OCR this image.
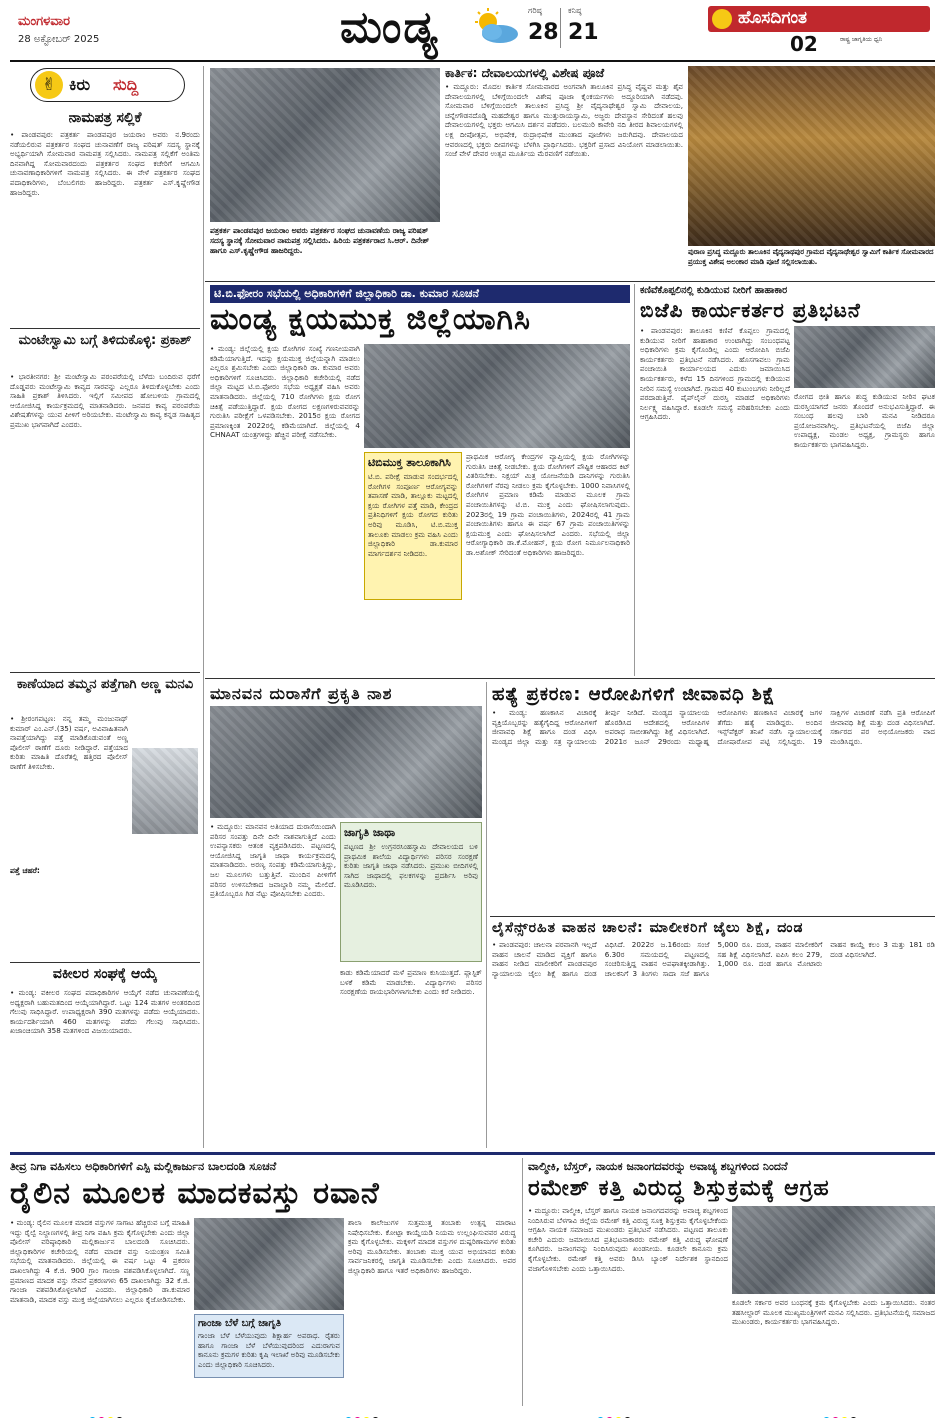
ಮಂಗಳವಾರ
28 ಅಕ್ಟೋಬರ್ 2025	ಮಂಡ್ಯ	ಗರಿಷ್ಠ
28
ಕನಿಷ್ಠ
21
ಹೊಸದಿಗಂತ
ರಾಷ್ಟ್ರ ಜಾಗೃತಿಯ ಧ್ವನಿ
02
✌ ಕಿರು ಸುದ್ದಿ
ನಾಮಪತ್ರ ಸಲ್ಲಿಕೆ
• ಪಾಂಡವಪುರ: ಪತ್ರಕರ್ತ ಪಾಂಡವಪುರ ಜಯರಾಂ ಅವರು ನ.9ರಂದು ನಡೆಯಲಿರುವ ಪತ್ರಕರ್ತರ ಸಂಘದ ಚುನಾವಣೆಗೆ ರಾಜ್ಯ ಪರಿಷತ್ ಸದಸ್ಯ ಸ್ಥಾನಕ್ಕೆ ಅಭ್ಯರ್ಥಿಯಾಗಿ ಸೋಮವಾರ ನಾಮಪತ್ರ ಸಲ್ಲಿಸಿದರು. ನಾಮಪತ್ರ ಸಲ್ಲಿಕೆಗೆ ಅಂತಿಮ ದಿನವಾಗಿದ್ದ ಸೋಮವಾರದಂದು ಪತ್ರಕರ್ತರ ಸಂಘದ ಕಚೇರಿಗೆ ಆಗಮಿಸಿ ಚುನಾವಣಾಧಿಕಾರಿಗಳಿಗೆ ನಾಮಪತ್ರ ಸಲ್ಲಿಸಿದರು. ಈ ವೇಳೆ ಪತ್ರಕರ್ತರ ಸಂಘದ ಪದಾಧಿಕಾರಿಗಳು, ಬೆಂಬಲಿಗರು ಹಾಜರಿದ್ದರು. ಪತ್ರಕರ್ತ ಎಸ್.ಕೃಷ್ಣೇಗೌಡ ಹಾಜರಿದ್ದರು.
ಮಂಟೇಸ್ವಾಮಿ ಬಗ್ಗೆ ತಿಳಿದುಕೊಳ್ಳಿ: ಪ್ರಕಾಶ್
• ಭಾರತೀನಗರ: ಶ್ರೀ ಮಂಟೇಸ್ವಾಮಿ ಪರಂಪರೆಯಲ್ಲಿ ಬೆಳೆದು ಬಂದಿರುವ ಧರೆಗೆ ದೊಡ್ಡವರು ಮಂಟೇಸ್ವಾಮಿ ಕಾವ್ಯದ ಸಾರವನ್ನು ಎಲ್ಲರೂ ತಿಳಿದುಕೊಳ್ಳಬೇಕು ಎಂದು ಸಾಹಿತಿ ಪ್ರಕಾಶ್ ತಿಳಿಸಿದರು. ಇಲ್ಲಿಗೆ ಸಮೀಪದ ಹೋಬಳಿಯ ಗ್ರಾಮದಲ್ಲಿ ಆಯೋಜಿಸಿದ್ದ ಕಾರ್ಯಕ್ರಮದಲ್ಲಿ ಮಾತನಾಡಿದರು. ಜನಪದ ಕಾವ್ಯ ಪರಂಪರೆಯ ವಿಶೇಷತೆಗಳನ್ನು ಯುವ ಪೀಳಿಗೆ ಅರಿಯಬೇಕು. ಮಂಟೇಸ್ವಾಮಿ ಕಾವ್ಯ ಕನ್ನಡ ಸಾಹಿತ್ಯದ ಪ್ರಮುಖ ಭಾಗವಾಗಿದೆ ಎಂದರು.
ಕಾಣೆಯಾದ ತಮ್ಮನ ಪತ್ತೆಗಾಗಿ ಅಣ್ಣ ಮನವಿ
• ಶ್ರೀರಂಗಪಟ್ಟಣ: ನನ್ನ ತಮ್ಮ ಮಂಜುನಾಥ್ ಕುಮಾರ್ ಎಂ.ಎನ್.(35) ವರ್ಷ, ಅವಿವಾಹಿತನಾಗಿ ನಾಪತ್ತೆಯಾಗಿದ್ದು ಪತ್ತೆ ಮಾಡಿಕೊಡುವಂತೆ ಅಣ್ಣ ಪೊಲೀಸ್ ಠಾಣೆಗೆ ದೂರು ನೀಡಿದ್ದಾರೆ. ಪತ್ತೆಯಾದ ಕುರಿತು ಮಾಹಿತಿ ದೊರೆತಲ್ಲಿ ಹತ್ತಿರದ ಪೊಲೀಸ್ ಠಾಣೆಗೆ ತಿಳಿಸಬೇಕು.
ಪತ್ತೆ ಚಹರೆ:
ವಕೀಲರ ಸಂಘಕ್ಕೆ ಆಯ್ಕೆ
• ಮಂಡ್ಯ: ವಕೀಲರ ಸಂಘದ ಪದಾಧಿಕಾರಿಗಳ ಆಯ್ಕೆಗೆ ನಡೆದ ಚುನಾವಣೆಯಲ್ಲಿ ಅಧ್ಯಕ್ಷರಾಗಿ ಬಹುಮತದಿಂದ ಆಯ್ಕೆಯಾಗಿದ್ದಾರೆ. ಒಟ್ಟು 124 ಮತಗಳ ಅಂತರದಿಂದ ಗೆಲುವು ಸಾಧಿಸಿದ್ದಾರೆ. ಉಪಾಧ್ಯಕ್ಷರಾಗಿ 390 ಮತಗಳನ್ನು ಪಡೆದು ಆಯ್ಕೆಯಾದರು. ಕಾರ್ಯದರ್ಶಿಯಾಗಿ 460 ಮತಗಳನ್ನು ಪಡೆದು ಗೆಲುವು ಸಾಧಿಸಿದರು. ಖಜಾಂಚಿಯಾಗಿ 358 ಮತಗಳಿಂದ ವಿಜಯಿಯಾದರು.
ಪತ್ರಕರ್ತ ಪಾಂಡವಪುರ ಜಯರಾಂ ಅವರು ಪತ್ರಕರ್ತರ ಸಂಘದ ಚುನಾವಣೆಯ ರಾಜ್ಯ ಪರಿಷತ್ ಸದಸ್ಯ ಸ್ಥಾನಕ್ಕೆ ಸೋಮವಾರ ನಾಮಪತ್ರ ಸಲ್ಲಿಸಿದರು. ಹಿರಿಯ ಪತ್ರಕರ್ತರಾದ ಸಿ.ಆರ್. ದಿನೇಶ್ ಹಾಗೂ ಎಸ್.ಕೃಷ್ಣೇಗೌಡ ಹಾಜರಿದ್ದರು.
ಕಾರ್ತಿಕ: ದೇವಾಲಯಗಳಲ್ಲಿ ವಿಶೇಷ ಪೂಜೆ
• ಮದ್ದೂರು: ಮೊದಲ ಕಾರ್ತಿಕ ಸೋಮವಾರದ ಅಂಗವಾಗಿ ತಾಲೂಕಿನ ಪ್ರಸಿದ್ಧ ವೈಷ್ಣವ ಮತ್ತು ಶೈವ ದೇವಾಲಯಗಳಲ್ಲಿ ಬೆಳಿಗ್ಗೆಯಿಂದಲೇ ವಿಶೇಷ ಪೂಜಾ ಕೈಂಕರ್ಯಗಳು ಅದ್ಧೂರಿಯಾಗಿ ನಡೆದವು. ಸೋಮವಾರ ಬೆಳಿಗ್ಗೆಯಿಂದಲೇ ತಾಲೂಕಿನ ಪ್ರಸಿದ್ಧ ಶ್ರೀ ವೈದ್ಯನಾಥೇಶ್ವರ ಸ್ವಾಮಿ ದೇವಾಲಯ, ಚನ್ನೇಗೌಡನದೊಡ್ಡಿ ಮಹದೇಶ್ವರ ಹಾಗೂ ಮುತ್ತುರಾಯಸ್ವಾಮಿ, ಅಜ್ಜರು ದೇವಸ್ಥಾನ ಸೇರಿದಂತೆ ಹಲವು ದೇವಾಲಯಗಳಲ್ಲಿ ಭಕ್ತರು ಆಗಮಿಸಿ ದರ್ಶನ ಪಡೆದರು. ಬಲಮುರಿ ಕಾವೇರಿ ನದಿ ತೀರದ ಶಿವಾಲಯಗಳಲ್ಲಿ ಲಕ್ಷ ದೀಪೋತ್ಸವ, ಅಭಿಷೇಕ, ರುದ್ರಾಭಿಷೇಕ ಮುಂತಾದ ಪೂಜೆಗಳು ಜರುಗಿದವು. ದೇವಾಲಯದ ಆವರಣದಲ್ಲಿ ಭಕ್ತರು ದೀಪಗಳನ್ನು ಬೆಳಗಿಸಿ ಪ್ರಾರ್ಥಿಸಿದರು. ಭಕ್ತರಿಗೆ ಪ್ರಸಾದ ವಿನಿಯೋಗ ಮಾಡಲಾಯಿತು. ಸಂಜೆ ವೇಳೆ ದೇವರ ಉತ್ಸವ ಮೂರ್ತಿಯ ಮೆರವಣಿಗೆ ನಡೆಯಿತು.
ಪುರಾಣ ಪ್ರಸಿದ್ಧ ಮದ್ದೂರು ತಾಲೂಕಿನ ವೈದ್ಯನಾಥಪುರ ಗ್ರಾಮದ ವೈದ್ಯನಾಥೇಶ್ವರ ಸ್ವಾಮಿಗೆ ಕಾರ್ತಿಕ ಸೋಮವಾರದ ಪ್ರಯುಕ್ತ ವಿಶೇಷ ಅಲಂಕಾರ ಮಾಡಿ ಪೂಜೆ ಸಲ್ಲಿಸಲಾಯಿತು.
ಟಿ.ಬಿ.ಫೋರಂ ಸಭೆಯಲ್ಲಿ ಅಧಿಕಾರಿಗಳಿಗೆ ಜಿಲ್ಲಾಧಿಕಾರಿ ಡಾ. ಕುಮಾರ ಸೂಚನೆ
ಮಂಡ್ಯ ಕ್ಷಯಮುಕ್ತ ಜಿಲ್ಲೆಯಾಗಿಸಿ
• ಮಂಡ್ಯ: ಜಿಲ್ಲೆಯಲ್ಲಿ ಕ್ಷಯ ರೋಗಿಗಳ ಸಂಖ್ಯೆ ಗಣನೀಯವಾಗಿ ಕಡಿಮೆಯಾಗುತ್ತಿದೆ. ಇದನ್ನು ಕ್ಷಯಮುಕ್ತ ಜಿಲ್ಲೆಯನ್ನಾಗಿ ಮಾಡಲು ಎಲ್ಲರೂ ಶ್ರಮಿಸಬೇಕು ಎಂದು ಜಿಲ್ಲಾಧಿಕಾರಿ ಡಾ. ಕುಮಾರ ಅವರು ಅಧಿಕಾರಿಗಳಿಗೆ ಸೂಚಿಸಿದರು. ಜಿಲ್ಲಾಧಿಕಾರಿ ಕಚೇರಿಯಲ್ಲಿ ನಡೆದ ಜಿಲ್ಲಾ ಮಟ್ಟದ ಟಿ.ಬಿ.ಫೋರಂ ಸಭೆಯ ಅಧ್ಯಕ್ಷತೆ ವಹಿಸಿ ಅವರು ಮಾತನಾಡಿದರು. ಜಿಲ್ಲೆಯಲ್ಲಿ 710 ರೋಗಿಗಳು ಕ್ಷಯ ರೋಗ ಚಿಕಿತ್ಸೆ ಪಡೆಯುತ್ತಿದ್ದಾರೆ. ಕ್ಷಯ ರೋಗದ ಲಕ್ಷಣಗಳಿರುವವರನ್ನು ಗುರುತಿಸಿ ಪರೀಕ್ಷೆಗೆ ಒಳಪಡಿಸಬೇಕು. 2015ರ ಕ್ಷಯ ರೋಗದ ಪ್ರಮಾಣಕ್ಕಿಂತ 2022ರಲ್ಲಿ ಕಡಿಮೆಯಾಗಿದೆ. ಜಿಲ್ಲೆಯಲ್ಲಿ 4 CHNAAT ಯಂತ್ರಗಳಿದ್ದು ಹೆಚ್ಚಿನ ಪರೀಕ್ಷೆ ನಡೆಸಬೇಕು.
ಟಿಬಿಮುಕ್ತ ತಾಲೂಕಾಗಿಸಿ
ಟಿ.ಬಿ. ಪರೀಕ್ಷೆ ಮಾಡುವ ಸಂದರ್ಭದಲ್ಲಿ ರೋಗಿಗಳ ಸಂಪೂರ್ಣ ಆರೋಗ್ಯವನ್ನು ತಪಾಸಣೆ ಮಾಡಿ, ತಾಲ್ಲೂಕು ಮಟ್ಟದಲ್ಲಿ ಕ್ಷಯ ರೋಗಿಗಳ ಪತ್ತೆ ಮಾಡಿ, ಕೇಂದ್ರದ ಪ್ರತಿನಿಧಿಗಳಿಗೆ ಕ್ಷಯ ರೋಗದ ಕುರಿತು ಅರಿವು ಮೂಡಿಸಿ, ಟಿ.ಬಿ.ಮುಕ್ತ ತಾಲೂಕು ಮಾಡಲು ಕ್ರಮ ವಹಿಸಿ ಎಂದು ಜಿಲ್ಲಾಧಿಕಾರಿ ಡಾ.ಕುಮಾರ ಮಾರ್ಗದರ್ಶನ ನೀಡಿದರು.
ಪ್ರಾಥಮಿಕ ಆರೋಗ್ಯ ಕೇಂದ್ರಗಳ ವ್ಯಾಪ್ತಿಯಲ್ಲಿ ಕ್ಷಯ ರೋಗಿಗಳನ್ನು ಗುರುತಿಸಿ ಚಿಕಿತ್ಸೆ ನೀಡಬೇಕು. ಕ್ಷಯ ರೋಗಿಗಳಿಗೆ ಪೌಷ್ಟಿಕ ಆಹಾರದ ಕಿಟ್ ವಿತರಿಸಬೇಕು. ನಿಕ್ಷಯ್ ಮಿತ್ರ ಯೋಜನೆಯಡಿ ದಾನಿಗಳನ್ನು ಗುರುತಿಸಿ ರೋಗಿಗಳಿಗೆ ನೆರವು ನೀಡಲು ಕ್ರಮ ಕೈಗೊಳ್ಳಬೇಕು. 1000 ನಿವಾಸಿಗಳಲ್ಲಿ ರೋಗಿಗಳ ಪ್ರಮಾಣ ಕಡಿಮೆ ಮಾಡುವ ಮೂಲಕ ಗ್ರಾಮ ಪಂಚಾಯಿತಿಗಳನ್ನು ಟಿ.ಬಿ. ಮುಕ್ತ ಎಂದು ಘೋಷಿಸಲಾಗುವುದು. 2023ರಲ್ಲಿ 19 ಗ್ರಾಮ ಪಂಚಾಯಿತಿಗಳು, 2024ರಲ್ಲಿ 41 ಗ್ರಾಮ ಪಂಚಾಯಿತಿಗಳು ಹಾಗೂ ಈ ವರ್ಷ 67 ಗ್ರಾಮ ಪಂಚಾಯಿತಿಗಳನ್ನು ಕ್ಷಯಮುಕ್ತ ಎಂದು ಘೋಷಿಸಲಾಗಿದೆ ಎಂದರು. ಸಭೆಯಲ್ಲಿ ಜಿಲ್ಲಾ ಆರೋಗ್ಯಾಧಿಕಾರಿ ಡಾ.ಕೆ.ಮೋಹನ್, ಕ್ಷಯ ರೋಗ ನಿರ್ಮೂಲನಾಧಿಕಾರಿ ಡಾ.ಅಶೋಕ್ ಸೇರಿದಂತೆ ಅಧಿಕಾರಿಗಳು ಹಾಜರಿದ್ದರು.
ಕಣಿವೆಕೊಪ್ಪಲಿನಲ್ಲಿ ಕುಡಿಯುವ ನೀರಿಗೆ ಹಾಹಾಕಾರ
ಬಿಜೆಪಿ ಕಾರ್ಯಕರ್ತರ ಪ್ರತಿಭಟನೆ
• ಪಾಂಡವಪುರ: ತಾಲೂಕಿನ ಕಣಿವೆ ಕೊಪ್ಪಲು ಗ್ರಾಮದಲ್ಲಿ ಕುಡಿಯುವ ನೀರಿಗೆ ಹಾಹಾಕಾರ ಉಂಟಾಗಿದ್ದು ಸಂಬಂಧಪಟ್ಟ ಅಧಿಕಾರಿಗಳು ಕ್ರಮ ಕೈಗೊಂಡಿಲ್ಲ ಎಂದು ಆರೋಪಿಸಿ ಬಿಜೆಪಿ ಕಾರ್ಯಕರ್ತರು ಪ್ರತಿಭಟನೆ ನಡೆಸಿದರು. ಹೊಸಗಾವಲು ಗ್ರಾಮ ಪಂಚಾಯಿತಿ ಕಾರ್ಯಾಲಯದ ಎದುರು ಜಮಾಯಿಸಿದ ಕಾರ್ಯಕರ್ತರು, ಕಳೆದ 15 ದಿನಗಳಿಂದ ಗ್ರಾಮದಲ್ಲಿ ಕುಡಿಯುವ ನೀರಿನ ಸಮಸ್ಯೆ ಉಂಟಾಗಿದೆ. ಗ್ರಾಮದ 40 ಕುಟುಂಬಗಳು ನೀರಿಲ್ಲದೆ ಪರದಾಡುತ್ತಿವೆ. ಪೈಪ್‌ಲೈನ್ ದುರಸ್ತಿ ಮಾಡದೆ ಅಧಿಕಾರಿಗಳು ನಿರ್ಲಕ್ಷ್ಯ ವಹಿಸಿದ್ದಾರೆ. ಕೂಡಲೇ ಸಮಸ್ಯೆ ಪರಿಹರಿಸಬೇಕು ಎಂದು ಆಗ್ರಹಿಸಿದರು.
ರೋಗದ ಭೀತಿ ಹಾಗೂ ಶುದ್ಧ ಕುಡಿಯುವ ನೀರಿನ ಘಟಕ ದುರಸ್ತಿಯಾಗದೆ ಜನರು ತೊಂದರೆ ಅನುಭವಿಸುತ್ತಿದ್ದಾರೆ. ಈ ಸಂಬಂಧ ಹಲವು ಬಾರಿ ಮನವಿ ನೀಡಿದರೂ ಪ್ರಯೋಜನವಾಗಿಲ್ಲ. ಪ್ರತಿಭಟನೆಯಲ್ಲಿ ಬಿಜೆಪಿ ಜಿಲ್ಲಾ ಉಪಾಧ್ಯಕ್ಷ, ಮಂಡಲ ಅಧ್ಯಕ್ಷ, ಗ್ರಾಮಸ್ಥರು ಹಾಗೂ ಕಾರ್ಯಕರ್ತರು ಭಾಗವಹಿಸಿದ್ದರು.
ಮಾನವನ ದುರಾಸೆಗೆ ಪ್ರಕೃತಿ ನಾಶ
• ಮದ್ದೂರು: ಮಾನವನ ಅತಿಯಾದ ದುರಾಸೆಯಿಂದಾಗಿ ಪರಿಸರ ಸಂಪತ್ತು ದಿನೇ ದಿನೇ ನಾಶವಾಗುತ್ತಿದೆ ಎಂದು ಉಪನ್ಯಾಸಕರು ಆತಂಕ ವ್ಯಕ್ತಪಡಿಸಿದರು. ಪಟ್ಟಣದಲ್ಲಿ ಆಯೋಜಿಸಿದ್ದ ಜಾಗೃತಿ ಜಾಥಾ ಕಾರ್ಯಕ್ರಮದಲ್ಲಿ ಮಾತನಾಡಿದರು. ಅರಣ್ಯ ಸಂಪತ್ತು ಕಡಿಮೆಯಾಗುತ್ತಿದ್ದು, ಜಲ ಮೂಲಗಳು ಬತ್ತುತ್ತಿವೆ. ಮುಂದಿನ ಪೀಳಿಗೆಗೆ ಪರಿಸರ ಉಳಿಸಬೇಕಾದ ಜವಾಬ್ದಾರಿ ನಮ್ಮ ಮೇಲಿದೆ. ಪ್ರತಿಯೊಬ್ಬರೂ ಗಿಡ ನೆಟ್ಟು ಪೋಷಿಸಬೇಕು ಎಂದರು.
ಜಾಗೃತಿ ಜಾಥಾ
ಪಟ್ಟಣದ ಶ್ರೀ ಉಗ್ರನರಸಿಂಹಸ್ವಾಮಿ ದೇವಾಲಯದ ಬಳಿ ಪ್ರಾಥಮಿಕ ಶಾಲೆಯ ವಿದ್ಯಾರ್ಥಿಗಳು ಪರಿಸರ ಸಂರಕ್ಷಣೆ ಕುರಿತು ಜಾಗೃತಿ ಜಾಥಾ ನಡೆಸಿದರು. ಪ್ರಮುಖ ಬೀದಿಗಳಲ್ಲಿ ಸಾಗಿದ ಜಾಥಾದಲ್ಲಿ ಫಲಕಗಳನ್ನು ಪ್ರದರ್ಶಿಸಿ ಅರಿವು ಮೂಡಿಸಿದರು.
ಕಾಡು ಕಡಿಮೆಯಾದರೆ ಮಳೆ ಪ್ರಮಾಣ ಕುಸಿಯುತ್ತದೆ. ಪ್ಲಾಸ್ಟಿಕ್ ಬಳಕೆ ಕಡಿಮೆ ಮಾಡಬೇಕು. ವಿದ್ಯಾರ್ಥಿಗಳು ಪರಿಸರ ಸಂರಕ್ಷಣೆಯ ರಾಯಭಾರಿಗಳಾಗಬೇಕು ಎಂದು ಕರೆ ನೀಡಿದರು.
ಹತ್ಯೆ ಪ್ರಕರಣ: ಆರೋಪಿಗಳಿಗೆ ಜೀವಾವಧಿ ಶಿಕ್ಷೆ
• ಮಂಡ್ಯ: ಹಣಕಾಸಿನ ವಿಚಾರಕ್ಕೆ ವ್ಯಕ್ತಿಯೊಬ್ಬರನ್ನು ಹತ್ಯೆಗೈದಿದ್ದ ಆರೋಪಿಗಳಿಗೆ ಜೀವಾವಧಿ ಶಿಕ್ಷೆ ಹಾಗೂ ದಂಡ ವಿಧಿಸಿ ಮಂಡ್ಯದ ಜಿಲ್ಲಾ ಮತ್ತು ಸತ್ರ ನ್ಯಾಯಾಲಯ ತೀರ್ಪು ನೀಡಿದೆ. ಮಂಡ್ಯದ ನ್ಯಾಯಾಲಯ ಹೊರಡಿಸಿದ ಆದೇಶದಲ್ಲಿ ಆರೋಪಿಗಳ ಅಪರಾಧ ಸಾಬೀತಾಗಿದ್ದು ಶಿಕ್ಷೆ ವಿಧಿಸಲಾಗಿದೆ. 2021ರ ಜೂನ್ 29ರಂದು ಮಧ್ಯಾಹ್ನ ಆರೋಪಿಗಳು ಹಣಕಾಸಿನ ವಿಚಾರಕ್ಕೆ ಜಗಳ ತೆಗೆದು ಹತ್ಯೆ ಮಾಡಿದ್ದರು. ಅಂದಿನ ಇನ್ಸ್‌ಪೆಕ್ಟರ್ ತನಿಖೆ ನಡೆಸಿ ನ್ಯಾಯಾಲಯಕ್ಕೆ ದೋಷಾರೋಪ ಪಟ್ಟಿ ಸಲ್ಲಿಸಿದ್ದರು. 19 ಸಾಕ್ಷಿಗಳ ವಿಚಾರಣೆ ನಡೆಸಿ ಪ್ರತಿ ಆರೋಪಿಗೆ ಜೀವಾವಧಿ ಶಿಕ್ಷೆ ಮತ್ತು ದಂಡ ವಿಧಿಸಲಾಗಿದೆ. ಸರ್ಕಾರದ ಪರ ಅಭಿಯೋಜಕರು ವಾದ ಮಂಡಿಸಿದ್ದರು.
ಲೈಸೆನ್ಸ್‌ರಹಿತ ವಾಹನ ಚಾಲನೆ: ಮಾಲೀಕರಿಗೆ ಜೈಲು ಶಿಕ್ಷೆ, ದಂಡ
• ಪಾಂಡವಪುರ: ಚಾಲನಾ ಪರವಾನಗಿ ಇಲ್ಲದೆ ವಾಹನ ಚಾಲನೆ ಮಾಡಿದ ವ್ಯಕ್ತಿಗೆ ಹಾಗೂ ವಾಹನ ನೀಡಿದ ಮಾಲೀಕರಿಗೆ ಪಾಂಡವಪುರ ನ್ಯಾಯಾಲಯ ಜೈಲು ಶಿಕ್ಷೆ ಹಾಗೂ ದಂಡ ವಿಧಿಸಿದೆ. 2022ರ ಜ.16ರಂದು ಸಂಜೆ 6.30ರ ಸಮಯದಲ್ಲಿ ಪಟ್ಟಣದಲ್ಲಿ ಸಂಚರಿಸುತ್ತಿದ್ದ ವಾಹನ ಅಪಘಾತಕ್ಕೀಡಾಗಿತ್ತು. ಚಾಲಕನಿಗೆ 3 ತಿಂಗಳು ಸಾದಾ ಸಜೆ ಹಾಗೂ 5,000 ರೂ. ದಂಡ, ವಾಹನ ಮಾಲೀಕರಿಗೆ ಸಹ ಶಿಕ್ಷೆ ವಿಧಿಸಲಾಗಿದೆ. ಐಪಿಸಿ ಕಲಂ 279, 1,000 ರೂ. ದಂಡ ಹಾಗೂ ಮೋಟಾರು ವಾಹನ ಕಾಯ್ದೆ ಕಲಂ 3 ಮತ್ತು 181 ರಡಿ ದಂಡ ವಿಧಿಸಲಾಗಿದೆ.
ತೀವ್ರ ನಿಗಾ ವಹಿಸಲು ಅಧಿಕಾರಿಗಳಿಗೆ ಎಸ್ಪಿ ಮಲ್ಲಿಕಾರ್ಜುನ ಬಾಲದಂಡಿ ಸೂಚನೆ
ರೈಲಿನ ಮೂಲಕ ಮಾದಕವಸ್ತು ರವಾನೆ
• ಮಂಡ್ಯ: ರೈಲಿನ ಮೂಲಕ ಮಾದಕ ವಸ್ತುಗಳ ಸಾಗಾಟ ಹೆಚ್ಚಿರುವ ಬಗ್ಗೆ ಮಾಹಿತಿ ಇದ್ದು ರೈಲ್ವೆ ನಿಲ್ದಾಣಗಳಲ್ಲಿ ತೀವ್ರ ನಿಗಾ ವಹಿಸಿ ಕ್ರಮ ಕೈಗೊಳ್ಳಬೇಕು ಎಂದು ಜಿಲ್ಲಾ ಪೊಲೀಸ್ ವರಿಷ್ಠಾಧಿಕಾರಿ ಮಲ್ಲಿಕಾರ್ಜುನ ಬಾಲದಂಡಿ ಸೂಚಿಸಿದರು. ಜಿಲ್ಲಾಧಿಕಾರಿಗಳ ಕಚೇರಿಯಲ್ಲಿ ನಡೆದ ಮಾದಕ ವಸ್ತು ನಿಯಂತ್ರಣ ಸಮಿತಿ ಸಭೆಯಲ್ಲಿ ಮಾತನಾಡಿದರು. ಜಿಲ್ಲೆಯಲ್ಲಿ ಈ ವರ್ಷ ಒಟ್ಟು 4 ಪ್ರಕರಣ ದಾಖಲಾಗಿದ್ದು 4 ಕೆ.ಜಿ. 900 ಗ್ರಾಂ ಗಾಂಜಾ ವಶಪಡಿಸಿಕೊಳ್ಳಲಾಗಿದೆ. ಸಣ್ಣ ಪ್ರಮಾಣದ ಮಾದಕ ವಸ್ತು ಸೇವನೆ ಪ್ರಕರಣಗಳು 65 ದಾಖಲಾಗಿದ್ದು 32 ಕೆ.ಜಿ. ಗಾಂಜಾ ವಶಪಡಿಸಿಕೊಳ್ಳಲಾಗಿದೆ ಎಂದರು. ಜಿಲ್ಲಾಧಿಕಾರಿ ಡಾ.ಕುಮಾರ ಮಾತನಾಡಿ, ಮಾದಕ ವಸ್ತು ಮುಕ್ತ ಜಿಲ್ಲೆಯಾಗಿಸಲು ಎಲ್ಲರೂ ಕೈಜೋಡಿಸಬೇಕು.
ಗಾಂಜಾ ಬೆಳೆ ಬಗ್ಗೆ ಜಾಗೃತಿ
ಗಾಂಜಾ ಬೆಳೆ ಬೆಳೆಯುವುದು ಶಿಕ್ಷಾರ್ಹ ಅಪರಾಧ. ರೈತರು ಹಾಗೂ ಗಾಂಜಾ ಬೆಳೆ ಬೆಳೆಯುವುದರಿಂದ ಎದುರಾಗುವ ಕಾನೂನು ಕ್ರಮಗಳ ಕುರಿತು ಕೃಷಿ ಇಲಾಖೆ ಅರಿವು ಮೂಡಿಸಬೇಕು ಎಂದು ಜಿಲ್ಲಾಧಿಕಾರಿ ಸೂಚಿಸಿದರು.
ಶಾಲಾ ಕಾಲೇಜುಗಳ ಸುತ್ತಮುತ್ತ ತಂಬಾಕು ಉತ್ಪನ್ನ ಮಾರಾಟ ನಿಷೇಧಿಸಬೇಕು. ಕೋಟ್ಪಾ ಕಾಯ್ದೆಯಡಿ ನಿಯಮ ಉಲ್ಲಂಘಿಸುವವರ ವಿರುದ್ಧ ಕ್ರಮ ಕೈಗೊಳ್ಳಬೇಕು. ಮಕ್ಕಳಿಗೆ ಮಾದಕ ವಸ್ತುಗಳ ದುಷ್ಪರಿಣಾಮಗಳ ಕುರಿತು ಅರಿವು ಮೂಡಿಸಬೇಕು. ತಂಬಾಕು ಮುಕ್ತ ಯುವ ಅಭಿಯಾನದ ಕುರಿತು ಸಾರ್ವಜನಿಕರಲ್ಲಿ ಜಾಗೃತಿ ಮೂಡಿಸಬೇಕು ಎಂದು ಸೂಚಿಸಿದರು. ಅಪರ ಜಿಲ್ಲಾಧಿಕಾರಿ ಹಾಗೂ ಇತರೆ ಅಧಿಕಾರಿಗಳು ಹಾಜರಿದ್ದರು.
ವಾಲ್ಮೀಕಿ, ಬೆಸ್ತರ್, ನಾಯಕ ಜನಾಂಗದವರನ್ನು ಅವಾಚ್ಯ ಶಬ್ದಗಳಿಂದ ನಿಂದನೆ
ರಮೇಶ್ ಕತ್ತಿ ವಿರುದ್ಧ ಶಿಸ್ತುಕ್ರಮಕ್ಕೆ ಆಗ್ರಹ
• ಮದ್ದೂರು: ವಾಲ್ಮೀಕಿ, ಬೆಸ್ತರ್ ಹಾಗೂ ನಾಯಕ ಜನಾಂಗದವರನ್ನು ಅವಾಚ್ಯ ಶಬ್ದಗಳಿಂದ ನಿಂದಿಸಿರುವ ಬೆಳಗಾವಿ ಜಿಲ್ಲೆಯ ರಮೇಶ್ ಕತ್ತಿ ವಿರುದ್ಧ ಸೂಕ್ತ ಶಿಸ್ತುಕ್ರಮ ಕೈಗೊಳ್ಳಬೇಕೆಂದು ಆಗ್ರಹಿಸಿ ನಾಯಕ ಸಮಾಜದ ಮುಖಂಡರು ಪ್ರತಿಭಟನೆ ನಡೆಸಿದರು. ಪಟ್ಟಣದ ತಾಲೂಕು ಕಚೇರಿ ಎದುರು ಜಮಾಯಿಸಿದ ಪ್ರತಿಭಟನಾಕಾರರು ರಮೇಶ್ ಕತ್ತಿ ವಿರುದ್ಧ ಘೋಷಣೆ ಕೂಗಿದರು. ಜನಾಂಗವನ್ನು ನಿಂದಿಸಿರುವುದು ಖಂಡನೀಯ. ಕೂಡಲೇ ಕಾನೂನು ಕ್ರಮ ಕೈಗೊಳ್ಳಬೇಕು. ರಮೇಶ್ ಕತ್ತಿ ಅವರು ಡಿಸಿಸಿ ಬ್ಯಾಂಕ್ ನಿರ್ದೇಶಕ ಸ್ಥಾನದಿಂದ ವಜಾಗೊಳಿಸಬೇಕು ಎಂದು ಒತ್ತಾಯಿಸಿದರು.
ಕೂಡಲೇ ಸರ್ಕಾರ ಅವರ ಬಂಧನಕ್ಕೆ ಕ್ರಮ ಕೈಗೊಳ್ಳಬೇಕು ಎಂದು ಒತ್ತಾಯಿಸಿದರು. ನಂತರ ತಹಸೀಲ್ದಾರ್ ಮೂಲಕ ಮುಖ್ಯಮಂತ್ರಿಗಳಿಗೆ ಮನವಿ ಸಲ್ಲಿಸಿದರು. ಪ್ರತಿಭಟನೆಯಲ್ಲಿ ಸಮಾಜದ ಮುಖಂಡರು, ಕಾರ್ಯಕರ್ತರು ಭಾಗವಹಿಸಿದ್ದರು.
